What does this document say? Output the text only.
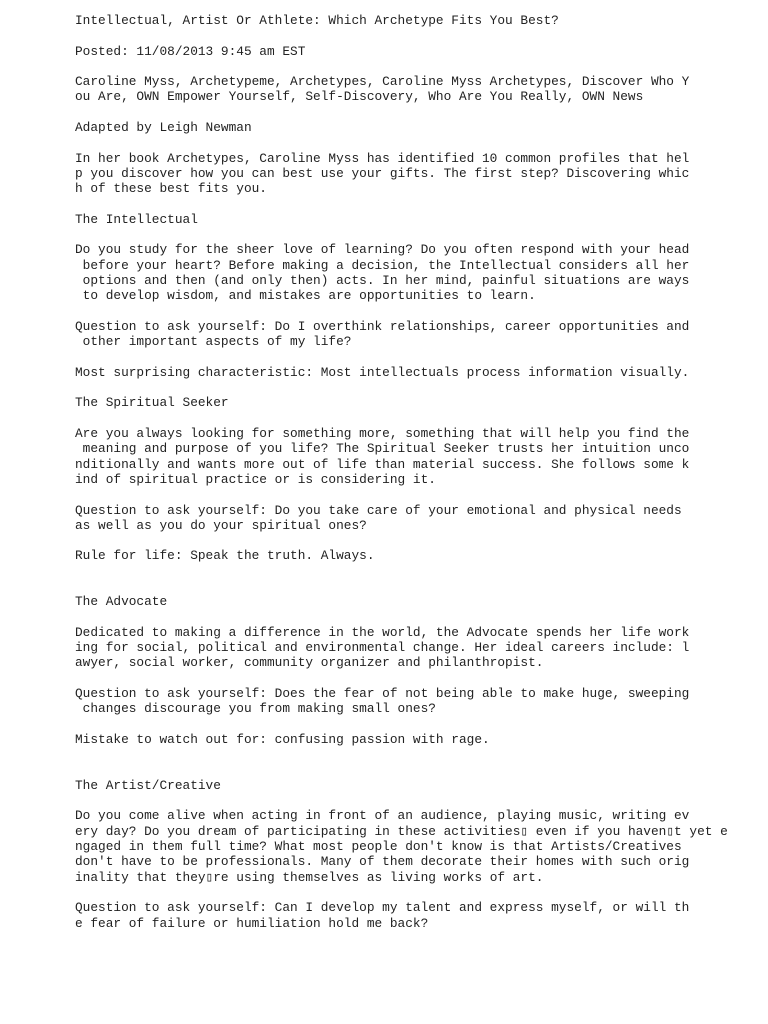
Intellectual, Artist Or Athlete: Which Archetype Fits You Best?

Posted: 11/08/2013 9:45 am EST

Caroline Myss, Archetypeme, Archetypes, Caroline Myss Archetypes, Discover Who Y
ou Are, OWN Empower Yourself, Self-Discovery, Who Are You Really, OWN News

Adapted by Leigh Newman

In her book Archetypes, Caroline Myss has identified 10 common profiles that hel
p you discover how you can best use your gifts. The first step? Discovering whic
h of these best fits you.

The Intellectual

Do you study for the sheer love of learning? Do you often respond with your head
before your heart? Before making a decision, the Intellectual considers all her
options and then (and only then) acts. In her mind, painful situations are ways
to develop wisdom, and mistakes are opportunities to learn.

Question to ask yourself: Do I overthink relationships, career opportunities and
other important aspects of my life?

Most surprising characteristic: Most intellectuals process information visually.

The Spiritual Seeker

Are you always looking for something more, something that will help you find the
meaning and purpose of you life? The Spiritual Seeker trusts her intuition unco
nditionally and wants more out of life than material success. She follows some k
ind of spiritual practice or is considering it.

Question to ask yourself: Do you take care of your emotional and physical needs
as well as you do your spiritual ones?

Rule for life: Speak the truth. Always.

The Advocate

Dedicated to making a difference in the world, the Advocate spends her life work
ing for social, political and environmental change. Her ideal careers include: l
awyer, social worker, community organizer and philanthropist.

Question to ask yourself: Does the fear of not being able to make huge, sweeping
changes discourage you from making small ones?

Mistake to watch out for: confusing passion with rage.

The Artist/Creative

Do you come alive when acting in front of an audience, playing music, writing ev
ery day? Do you dream of participating in these activities▯ even if you haven▯t yet e
ngaged in them full time? What most people don't know is that Artists/Creatives
don't have to be professionals. Many of them decorate their homes with such orig
inality that they▯re using themselves as living works of art.

Question to ask yourself: Can I develop my talent and express myself, or will th
e fear of failure or humiliation hold me back?
